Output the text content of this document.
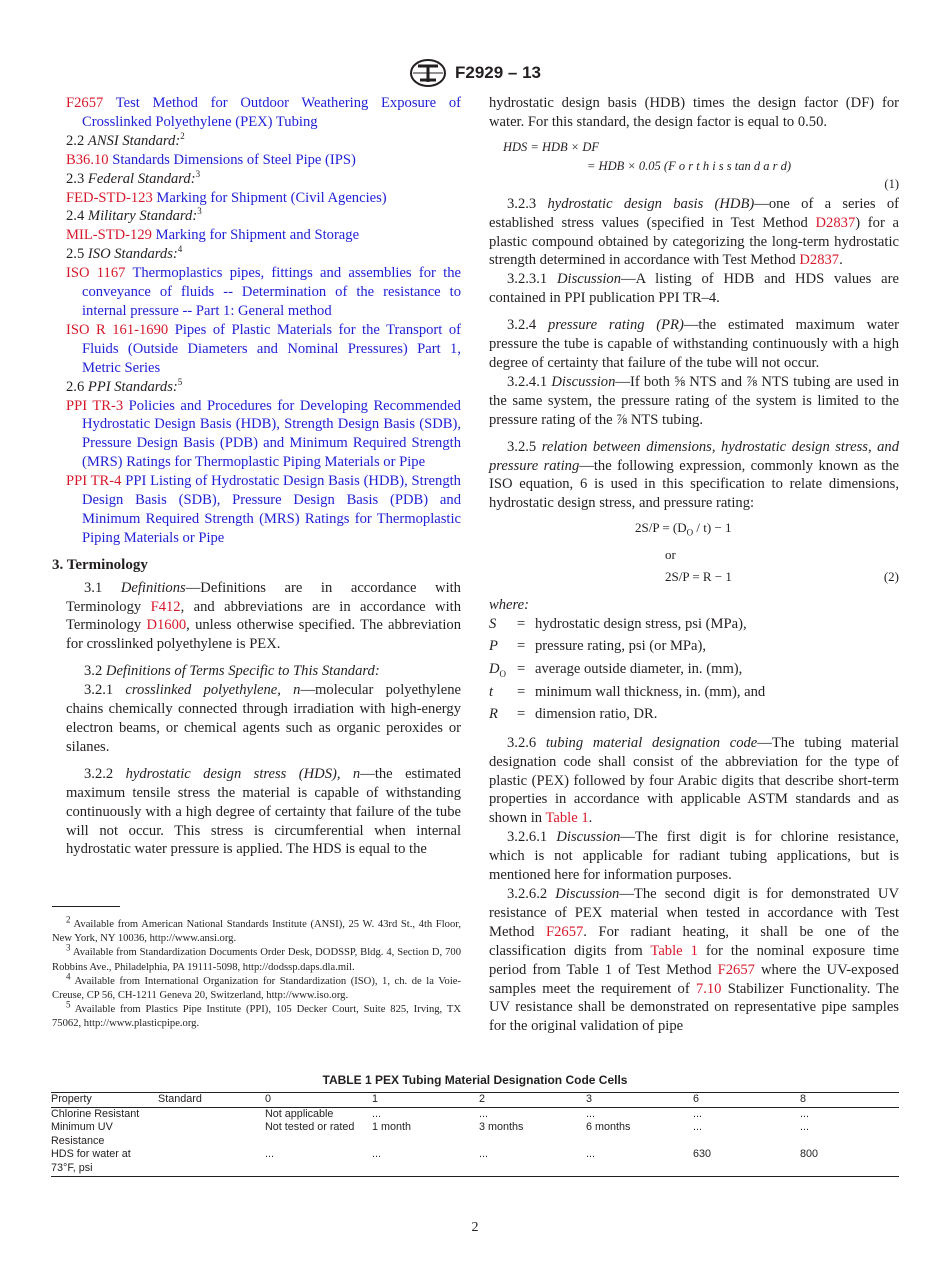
F2929 – 13

F2657 Test Method for Outdoor Weathering Exposure of Crosslinked Polyethylene (PEX) Tubing

2.2 ANSI Standard:$^2$

B36.10 Standards Dimensions of Steel Pipe (IPS)

2.3 Federal Standard:$^3$

FED-STD-123 Marking for Shipment (Civil Agencies)

2.4 Military Standard:$^3$

MIL-STD-129 Marking for Shipment and Storage

2.5 ISO Standards:$^4$

ISO 1167 Thermoplastics pipes, fittings and assemblies for the conveyance of fluids -- Determination of the resistance to internal pressure -- Part 1: General method

ISO R 161-1690 Pipes of Plastic Materials for the Transport of Fluids (Outside Diameters and Nominal Pressures) Part 1, Metric Series

2.6 PPI Standards:$^5$

PPI TR-3 Policies and Procedures for Developing Recommended Hydrostatic Design Basis (HDB), Strength Design Basis (SDB), Pressure Design Basis (PDB) and Minimum Required Strength (MRS) Ratings for Thermoplastic Piping Materials or Pipe

PPI TR-4 PPI Listing of Hydrostatic Design Basis (HDB), Strength Design Basis (SDB), Pressure Design Basis (PDB) and Minimum Required Strength (MRS) Ratings for Thermoplastic Piping Materials or Pipe

3. Terminology

3.1 Definitions—Definitions are in accordance with Terminology F412, and abbreviations are in accordance with Terminology D1600, unless otherwise specified. The abbreviation for crosslinked polyethylene is PEX.

3.2 Definitions of Terms Specific to This Standard:

3.2.1 crosslinked polyethylene, n—molecular polyethylene chains chemically connected through irradiation with high-energy electron beams, or chemical agents such as organic peroxides or silanes.

3.2.2 hydrostatic design stress (HDS), n—the estimated maximum tensile stress the material is capable of withstanding continuously with a high degree of certainty that failure of the tube will not occur. This stress is circumferential when internal hydrostatic water pressure is applied. The HDS is equal to the

$^2$ Available from American National Standards Institute (ANSI), 25 W. 43rd St., 4th Floor, New York, NY 10036, http://www.ansi.org.

$^3$ Available from Standardization Documents Order Desk, DODSSP, Bldg. 4, Section D, 700 Robbins Ave., Philadelphia, PA 19111-5098, http://dodssp.daps.dla.mil.

$^4$ Available from International Organization for Standardization (ISO), 1, ch. de la Voie-Creuse, CP 56, CH-1211 Geneva 20, Switzerland, http://www.iso.org.

$^5$ Available from Plastics Pipe Institute (PPI), 105 Decker Court, Suite 825, Irving, TX 75062, http://www.plasticpipe.org.

hydrostatic design basis (HDB) times the design factor (DF) for water. For this standard, the design factor is equal to 0.50.

HDS = HDB × DF
= HDB × 0.05 (F o r t h i s s tan d a r d)
(1)

3.2.3 hydrostatic design basis (HDB)—one of a series of established stress values (specified in Test Method D2837) for a plastic compound obtained by categorizing the long-term hydrostatic strength determined in accordance with Test Method D2837.

3.2.3.1 Discussion—A listing of HDB and HDS values are contained in PPI publication PPI TR–4.

3.2.4 pressure rating (PR)—the estimated maximum water pressure the tube is capable of withstanding continuously with a high degree of certainty that failure of the tube will not occur.

3.2.4.1 Discussion—If both ⅝ NTS and ⅞ NTS tubing are used in the same system, the pressure rating of the system is limited to the pressure rating of the ⅞ NTS tubing.

3.2.5 relation between dimensions, hydrostatic design stress, and pressure rating—the following expression, commonly known as the ISO equation, 6 is used in this specification to relate dimensions, hydrostatic design stress, and pressure rating:

$2S/P = (D_O / t) - 1$
or
2S/P = R − 1	(2)

where:

S	=	hydrostatic design stress, psi (MPa),
P	=	pressure rating, psi (or MPa),
$D_O$	=	average outside diameter, in. (mm),
t	=	minimum wall thickness, in. (mm), and
R	=	dimension ratio, DR.

3.2.6 tubing material designation code—The tubing material designation code shall consist of the abbreviation for the type of plastic (PEX) followed by four Arabic digits that describe short-term properties in accordance with applicable ASTM standards and as shown in Table 1.

3.2.6.1 Discussion—The first digit is for chlorine resistance, which is not applicable for radiant tubing applications, but is mentioned here for information purposes.

3.2.6.2 Discussion—The second digit is for demonstrated UV resistance of PEX material when tested in accordance with Test Method F2657. For radiant heating, it shall be one of the classification digits from Table 1 for the nominal exposure time period from Table 1 of Test Method F2657 where the UV-exposed samples meet the requirement of 7.10 Stabilizer Functionality. The UV resistance shall be demonstrated on representative pipe samples for the original validation of pipe

TABLE 1 PEX Tubing Material Designation Code Cells
Property	Standard	0	1	2	3	6	8
Chlorine Resistant		Not applicable	...	...	...	...	...
Minimum UV Resistance		Not tested or rated	1 month	3 months	6 months	...	...
HDS for water at 73°F, psi		...	...	...	...	630	800
2
